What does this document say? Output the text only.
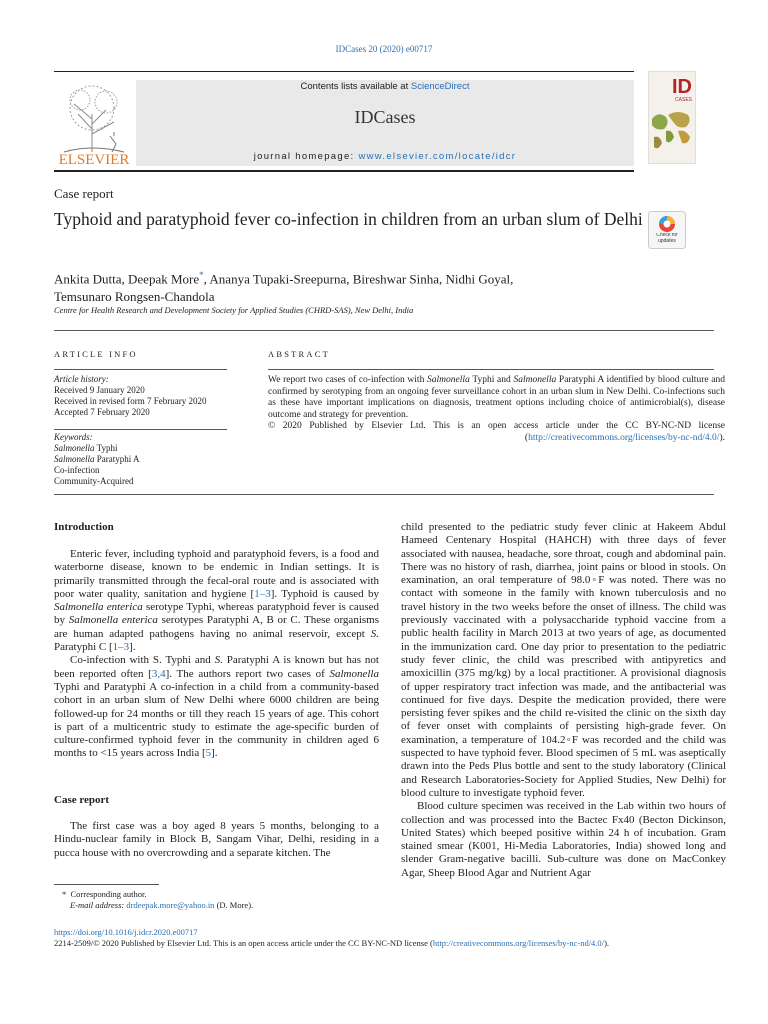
IDCases 20 (2020) e00717
ELSEVIER
Contents lists available at ScienceDirect
IDCases
journal homepage: www.elsevier.com/locate/idcr
ID
CASES
Case report
Typhoid and paratyphoid fever co-infection in children from an urban slum of Delhi
Check for updates
Ankita Dutta, Deepak More*, Ananya Tupaki-Sreepurna, Bireshwar Sinha, Nidhi Goyal,
Temsunaro Rongsen-Chandola
Centre for Health Research and Development Society for Applied Studies (CHRD-SAS), New Delhi, India
ARTICLE INFO	ABSTRACT
Article history:
Received 9 January 2020
Received in revised form 7 February 2020
Accepted 7 February 2020
Keywords:
Salmonella Typhi
Salmonella Paratyphi A
Co-infection
Community-Acquired
We report two cases of co-infection with Salmonella Typhi and Salmonella Paratyphi A identified by blood culture and confirmed by serotyping from an ongoing fever surveillance cohort in an urban slum in New Delhi. Co-infections such as these have important implications on diagnosis, treatment options including choice of antimicrobial(s), disease outcome and strategy for prevention.

© 2020 Published by Elsevier Ltd. This is an open access article under the CC BY-NC-ND license (http://creativecommons.org/licenses/by-nc-nd/4.0/).
Introduction

Enteric fever, including typhoid and paratyphoid fevers, is a food and waterborne disease, known to be endemic in Indian settings. It is primarily transmitted through the fecal-oral route and is associated with poor water quality, sanitation and hygiene [1–3]. Typhoid is caused by Salmonella enterica serotype Typhi, whereas paratyphoid fever is caused by Salmonella enterica serotypes Paratyphi A, B or C. These organisms are human adapted pathogens having no animal reservoir, except S. Paratyphi C [1–3].

Co-infection with S. Typhi and S. Paratyphi A is known but has not been reported often [3,4]. The authors report two cases of Salmonella Typhi and Paratyphi A co-infection in a child from a community-based cohort in an urban slum of New Delhi where 6000 children are being followed-up for 24 months or till they reach 15 years of age. This cohort is part of a multicentric study to estimate the age-specific burden of culture-confirmed typhoid fever in the community in children aged 6 months to <15 years across India [5].

Case report

The first case was a boy aged 8 years 5 months, belonging to a Hindu-nuclear family in Block B, Sangam Vihar, Delhi, residing in a pucca house with no overcrowding and a separate kitchen. The

* Corresponding author.
E-mail address: drdeepak.more@yahoo.in (D. More).

child presented to the pediatric study fever clinic at Hakeem Abdul Hameed Centenary Hospital (HAHCH) with three days of fever associated with nausea, headache, sore throat, cough and abdominal pain. There was no history of rash, diarrhea, joint pains or blood in stools. On examination, an oral temperature of 98.0◦F was noted. There was no contact with someone in the family with known tuberculosis and no travel history in the two weeks before the onset of illness. The child was previously vaccinated with a polysaccharide typhoid vaccine from a public health facility in March 2013 at two years of age, as documented in the immunization card. One day prior to presentation to the pediatric study fever clinic, the child was prescribed with antipyretics and amoxicillin (375 mg/kg) by a local practitioner. A provisional diagnosis of upper respiratory tract infection was made, and the antibacterial was continued for five days. Despite the medication provided, there were persisting fever spikes and the child re-visited the clinic on the sixth day of fever onset with complaints of persisting high-grade fever. On examination, a temperature of 104.2◦F was recorded and the child was suspected to have typhoid fever. Blood specimen of 5 mL was aseptically drawn into the Peds Plus bottle and sent to the study laboratory (Clinical and Research Laboratories-Society for Applied Studies, New Delhi) for blood culture to investigate typhoid fever.

Blood culture specimen was received in the Lab within two hours of collection and was processed into the Bactec Fx40 (Becton Dickinson, United States) which beeped positive within 24 h of incubation. Gram stained smear (K001, Hi-Media Laboratories, India) showed long and slender Gram-negative bacilli. Sub-culture was done on MacConkey Agar, Sheep Blood Agar and Nutrient Agar

https://doi.org/10.1016/j.idcr.2020.e00717
2214-2509/© 2020 Published by Elsevier Ltd. This is an open access article under the CC BY-NC-ND license (http://creativecommons.org/licenses/by-nc-nd/4.0/).
